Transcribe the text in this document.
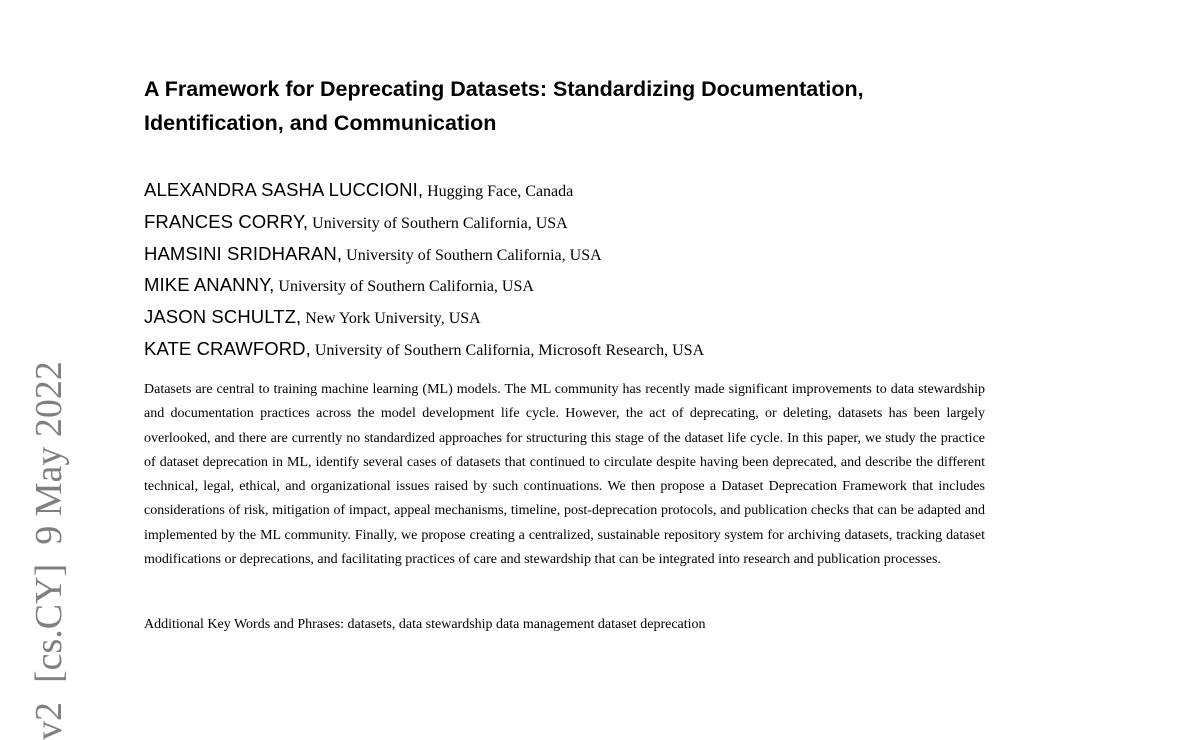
v2  [cs.CY]  9 May 2022
A Framework for Deprecating Datasets: Standardizing Documentation, Identification, and Communication
ALEXANDRA SASHA LUCCIONI, Hugging Face, Canada
FRANCES CORRY, University of Southern California, USA
HAMSINI SRIDHARAN, University of Southern California, USA
MIKE ANANNY, University of Southern California, USA
JASON SCHULTZ, New York University, USA
KATE CRAWFORD, University of Southern California, Microsoft Research, USA

Datasets are central to training machine learning (ML) models. The ML community has recently made significant improvements to data stewardship and documentation practices across the model development life cycle. However, the act of deprecating, or deleting, datasets has been largely overlooked, and there are currently no standardized approaches for structuring this stage of the dataset life cycle. In this paper, we study the practice of dataset deprecation in ML, identify several cases of datasets that continued to circulate despite having been deprecated, and describe the different technical, legal, ethical, and organizational issues raised by such continuations. We then propose a Dataset Deprecation Framework that includes considerations of risk, mitigation of impact, appeal mechanisms, timeline, post-deprecation protocols, and publication checks that can be adapted and implemented by the ML community. Finally, we propose creating a centralized, sustainable repository system for archiving datasets, tracking dataset modifications or deprecations, and facilitating practices of care and stewardship that can be integrated into research and publication processes.

Additional Key Words and Phrases: datasets, data stewardship data management dataset deprecation
